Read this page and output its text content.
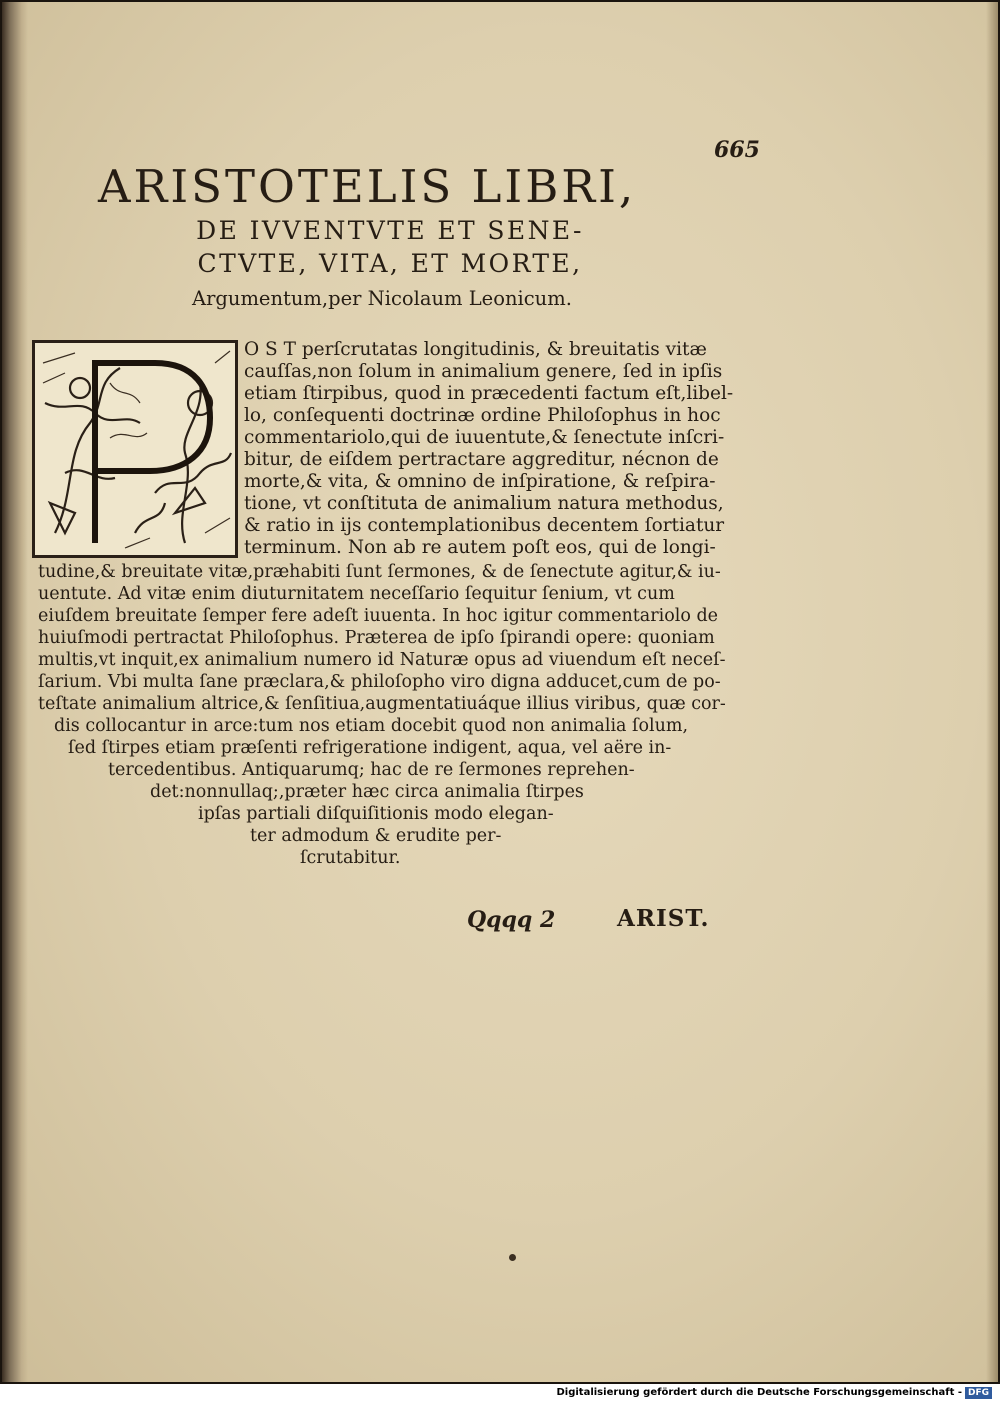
665

ARISTOTELIS LIBRI,
DE IVVENTVTE ET SENE-
CTVTE, VITA, ET MORTE,

Argumentum,per Nicolaum Leonicum.

O S T perſcrutatas longitudinis, & breuitatis vitæ
cauſſas,non ſolum in animalium genere, ſed in ipſis
etiam ſtirpibus, quod in præcedenti factum eſt,libel-
lo, conſequenti doctrinæ ordine Philoſophus in hoc
commentariolo,qui de iuuentute,& ſenectute inſcri-
bitur, de eiſdem pertractare aggreditur, nécnon de
morte,& vita, & omnino de inſpiratione, & reſpira-
tione, vt conſtituta de animalium natura methodus,
& ratio in ijs contemplationibus decentem ſortiatur
terminum. Non ab re autem poſt eos, qui de longi-
tudine,& breuitate vitæ,præhabiti ſunt ſermones, & de ſenectute agitur,& iu-
uentute. Ad vitæ enim diuturnitatem neceſſario ſequitur ſenium, vt cum
eiuſdem breuitate ſemper fere adeſt iuuenta. In hoc igitur commentariolo de
huiuſmodi pertractat Philoſophus. Præterea de ipſo ſpirandi opere: quoniam
multis,vt inquit,ex animalium numero id Naturæ opus ad viuendum eſt neceſ-
ſarium. Vbi multa ſane præclara,& philoſopho viro digna adducet,cum de po-
teſtate animalium altrice,& ſenſitiua,augmentatiuáque illius viribus, quæ cor-
dis collocantur in arce:tum nos etiam docebit quod non animalia ſolum,
ſed ſtirpes etiam præſenti refrigeratione indigent, aqua, vel aëre in-
tercedentibus. Antiquarumq; hac de re ſermones reprehen-
det:nonnullaq;,præter hæc circa animalia ſtirpes
ipſas partiali diſquiſitionis modo elegan-
ter admodum & erudite per-
ſcrutabitur.

Qqqq 2	ARIST.

Digitalisierung gefördert durch die Deutsche Forschungsgemeinschaft - DFG
